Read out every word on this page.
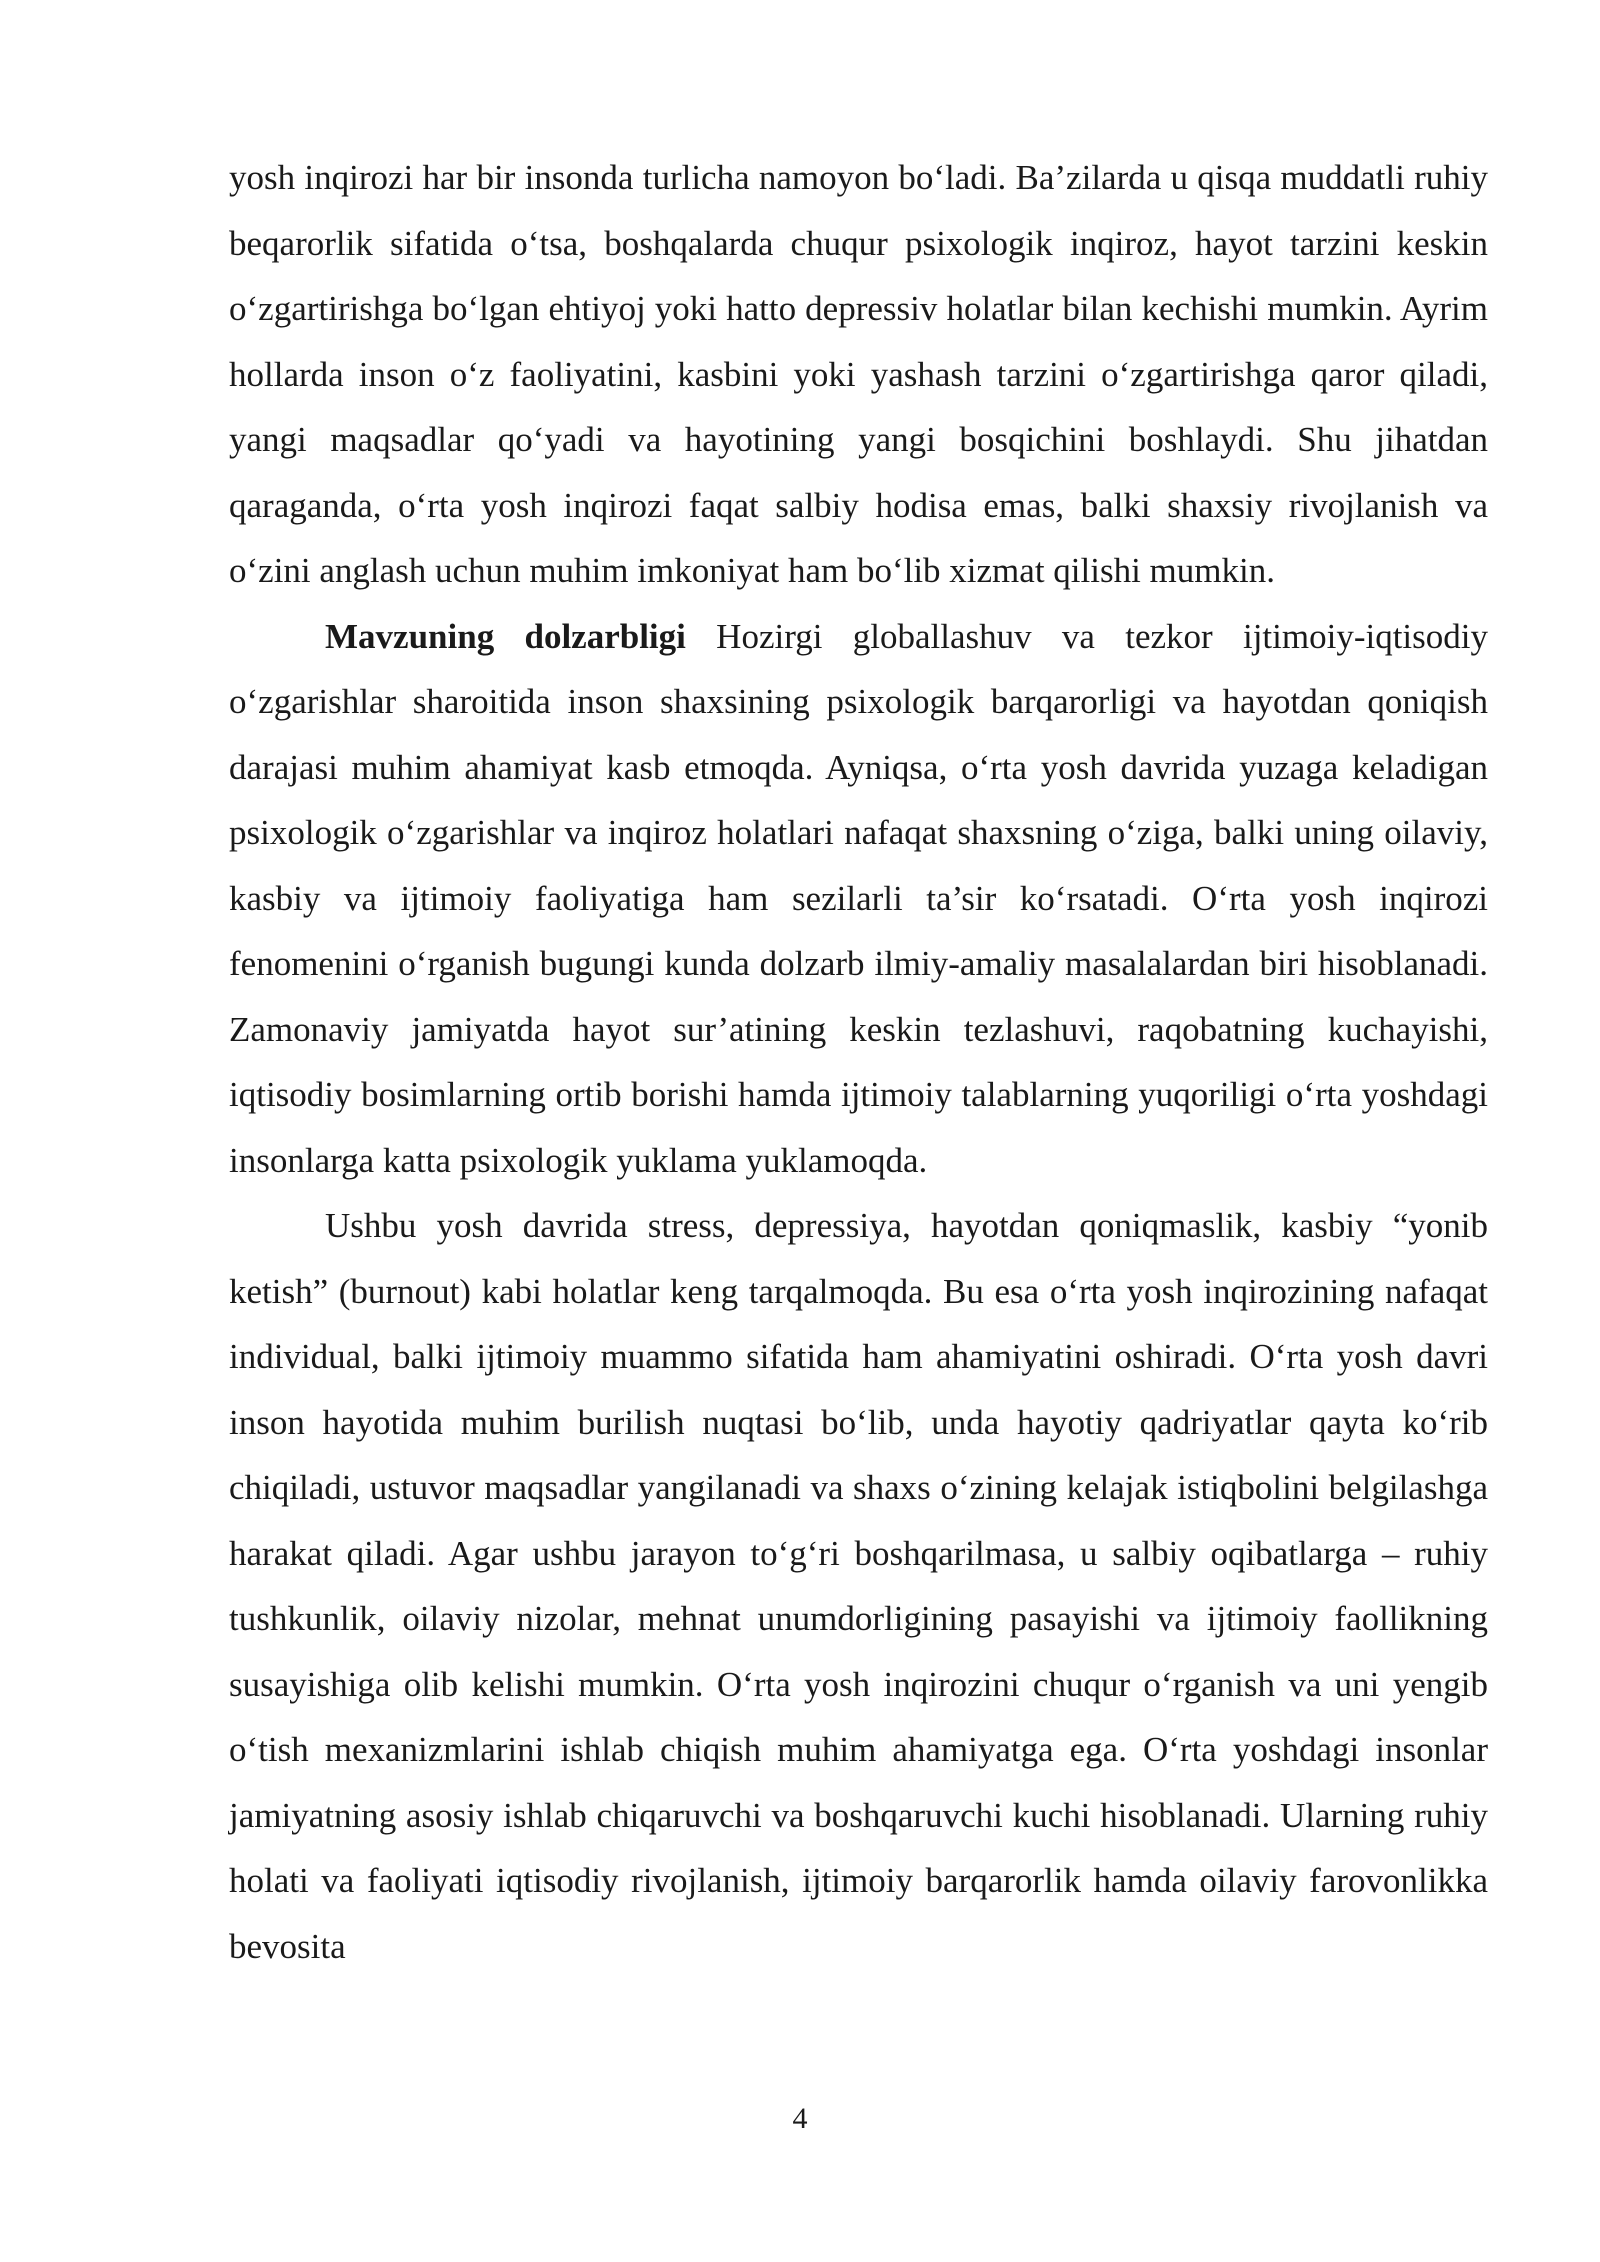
yosh inqirozi har bir insonda turlicha namoyon bo‘ladi. Ba’zilarda u qisqa muddatli ruhiy beqarorlik sifatida o‘tsa, boshqalarda chuqur psixologik inqiroz, hayot tarzini keskin o‘zgartirishga bo‘lgan ehtiyoj yoki hatto depressiv holatlar bilan kechishi mumkin. Ayrim hollarda inson o‘z faoliyatini, kasbini yoki yashash tarzini o‘zgartirishga qaror qiladi, yangi maqsadlar qo‘yadi va hayotining yangi bosqichini boshlaydi. Shu jihatdan qaraganda, o‘rta yosh inqirozi faqat salbiy hodisa emas, balki shaxsiy rivojlanish va o‘zini anglash uchun muhim imkoniyat ham bo‘lib xizmat qilishi mumkin.

Mavzuning dolzarbligi Hozirgi globallashuv va tezkor ijtimoiy-iqtisodiy o‘zgarishlar sharoitida inson shaxsining psixologik barqarorligi va hayotdan qoniqish darajasi muhim ahamiyat kasb etmoqda. Ayniqsa, o‘rta yosh davrida yuzaga keladigan psixologik o‘zgarishlar va inqiroz holatlari nafaqat shaxsning o‘ziga, balki uning oilaviy, kasbiy va ijtimoiy faoliyatiga ham sezilarli ta’sir ko‘rsatadi. O‘rta yosh inqirozi fenomenini o‘rganish bugungi kunda dolzarb ilmiy-amaliy masalalardan biri hisoblanadi. Zamonaviy jamiyatda hayot sur’atining keskin tezlashuvi, raqobatning kuchayishi, iqtisodiy bosimlarning ortib borishi hamda ijtimoiy talablarning yuqoriligi o‘rta yoshdagi insonlarga katta psixologik yuklama yuklamoqda.

Ushbu yosh davrida stress, depressiya, hayotdan qoniqmaslik, kasbiy “yonib ketish” (burnout) kabi holatlar keng tarqalmoqda. Bu esa o‘rta yosh inqirozining nafaqat individual, balki ijtimoiy muammo sifatida ham ahamiyatini oshiradi. O‘rta yosh davri inson hayotida muhim burilish nuqtasi bo‘lib, unda hayotiy qadriyatlar qayta ko‘rib chiqiladi, ustuvor maqsadlar yangilanadi va shaxs o‘zining kelajak istiqbolini belgilashga harakat qiladi. Agar ushbu jarayon to‘g‘ri boshqarilmasa, u salbiy oqibatlarga – ruhiy tushkunlik, oilaviy nizolar, mehnat unumdorligining pasayishi va ijtimoiy faollikning susayishiga olib kelishi mumkin. O‘rta yosh inqirozini chuqur o‘rganish va uni yengib o‘tish mexanizmlarini ishlab chiqish muhim ahamiyatga ega. O‘rta yoshdagi insonlar jamiyatning asosiy ishlab chiqaruvchi va boshqaruvchi kuchi hisoblanadi. Ularning ruhiy holati va faoliyati iqtisodiy rivojlanish, ijtimoiy barqarorlik hamda oilaviy farovonlikka bevosita

4
